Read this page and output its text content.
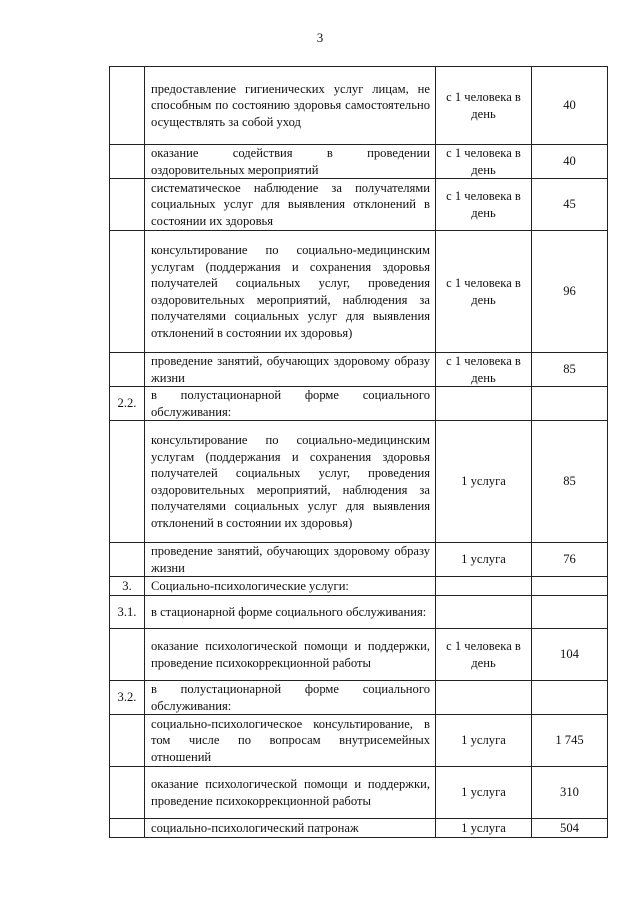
3

	предоставление гигиенических услуг лицам, не способным по состоянию здоровья самостоятельно осуществлять за собой уход	с 1 человека в день	40

	оказание содействия в проведении оздоровительных мероприятий	с 1 человека в день	40

	систематическое наблюдение за получателями социальных услуг для выявления отклонений в состоянии их здоровья	с 1 человека в день	45

	консультирование по социально-медицинским услугам (поддержания и сохранения здоровья получателей социальных услуг, проведения оздоровительных мероприятий, наблюдения за получателями социальных услуг для выявления отклонений в состоянии их здоровья)	с 1 человека в день	96

	проведение занятий, обучающих здоровому образу жизни	с 1 человека в день	85
2.2.	в полустационарной форме социального обслуживания:		

	консультирование по социально-медицинским услугам (поддержания и сохранения здоровья получателей социальных услуг, проведения оздоровительных мероприятий, наблюдения за получателями социальных услуг для выявления отклонений в состоянии их здоровья)	1 услуга	85

	проведение занятий, обучающих здоровому образу жизни	1 услуга	76
3.	Социально-психологические услуги:		

3.1.	в стационарной форме социального обслуживания:		

	оказание психологической помощи и поддержки, проведение психокоррекционной работы	с 1 человека в день	104
3.2.	в полустационарной форме социального обслуживания:		

	социально-психологическое консультирование, в том числе по вопросам внутрисемейных отношений	1 услуга	1 745

	оказание психологической помощи и поддержки, проведение психокоррекционной работы	1 услуга	310

	социально-психологический патронаж	1 услуга	504
